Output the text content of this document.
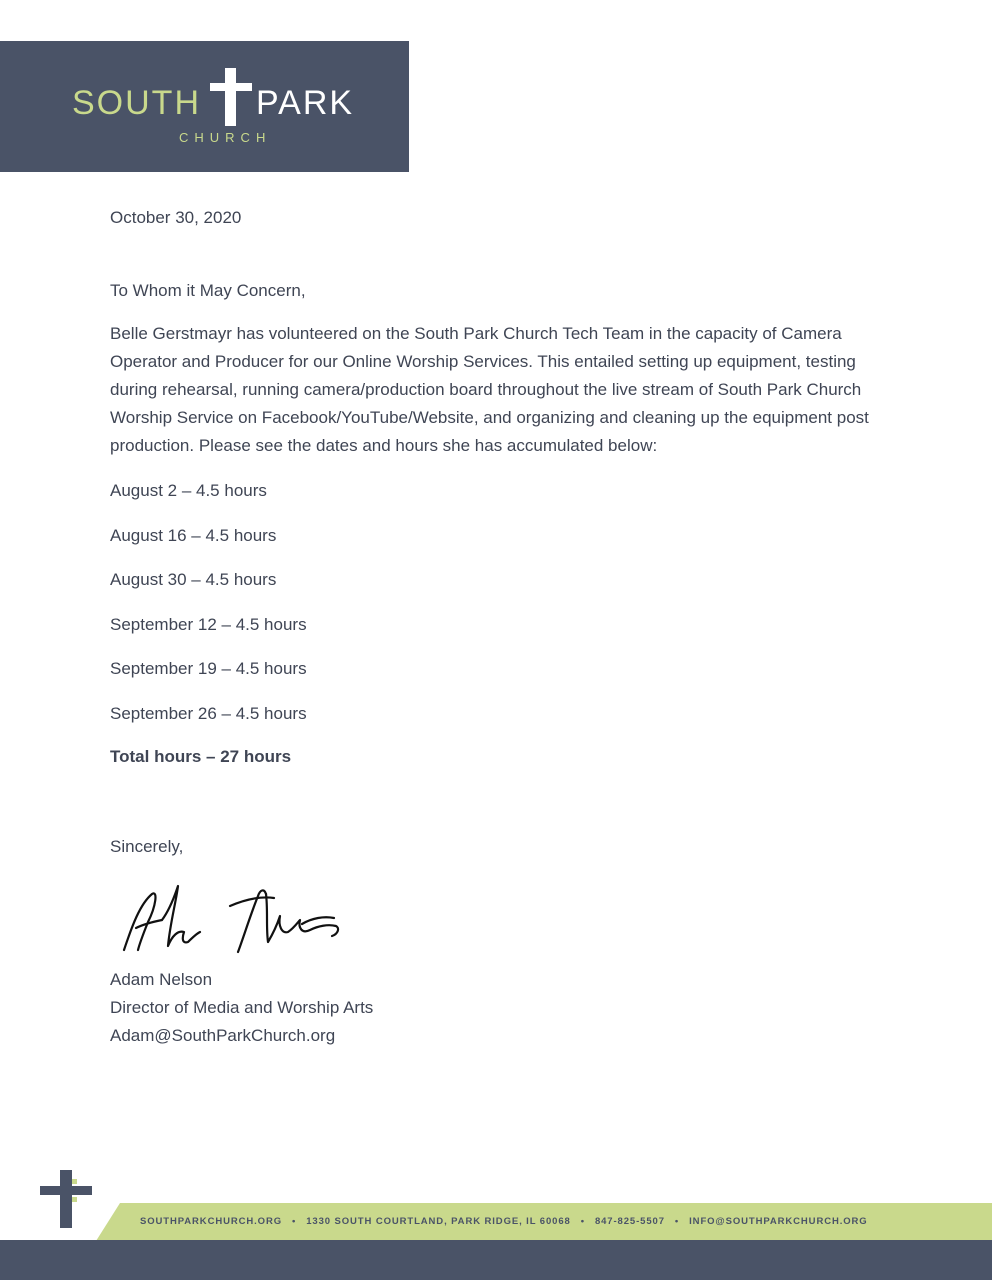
SOUTH PARK
CHURCH
October 30, 2020
To Whom it May Concern,
Belle Gerstmayr has volunteered on the South Park Church Tech Team in the capacity of Camera Operator and Producer for our Online Worship Services. This entailed setting up equipment, testing during rehearsal, running camera/production board throughout the live stream of South Park Church Worship Service on Facebook/YouTube/Website, and organizing and cleaning up the equipment post production. Please see the dates and hours she has accumulated below:
August 2 – 4.5 hours
August 16 – 4.5 hours
August 30 – 4.5 hours
September 12 – 4.5 hours
September 19 – 4.5 hours
September 26 – 4.5 hours
Total hours – 27 hours
Sincerely,
Adam Nelson
Director of Media and Worship Arts
Adam@SouthParkChurch.org
SOUTHPARKCHURCH.ORG • 1330 SOUTH COURTLAND, PARK RIDGE, IL 60068 • 847-825-5507 • INFO@SOUTHPARKCHURCH.ORG
